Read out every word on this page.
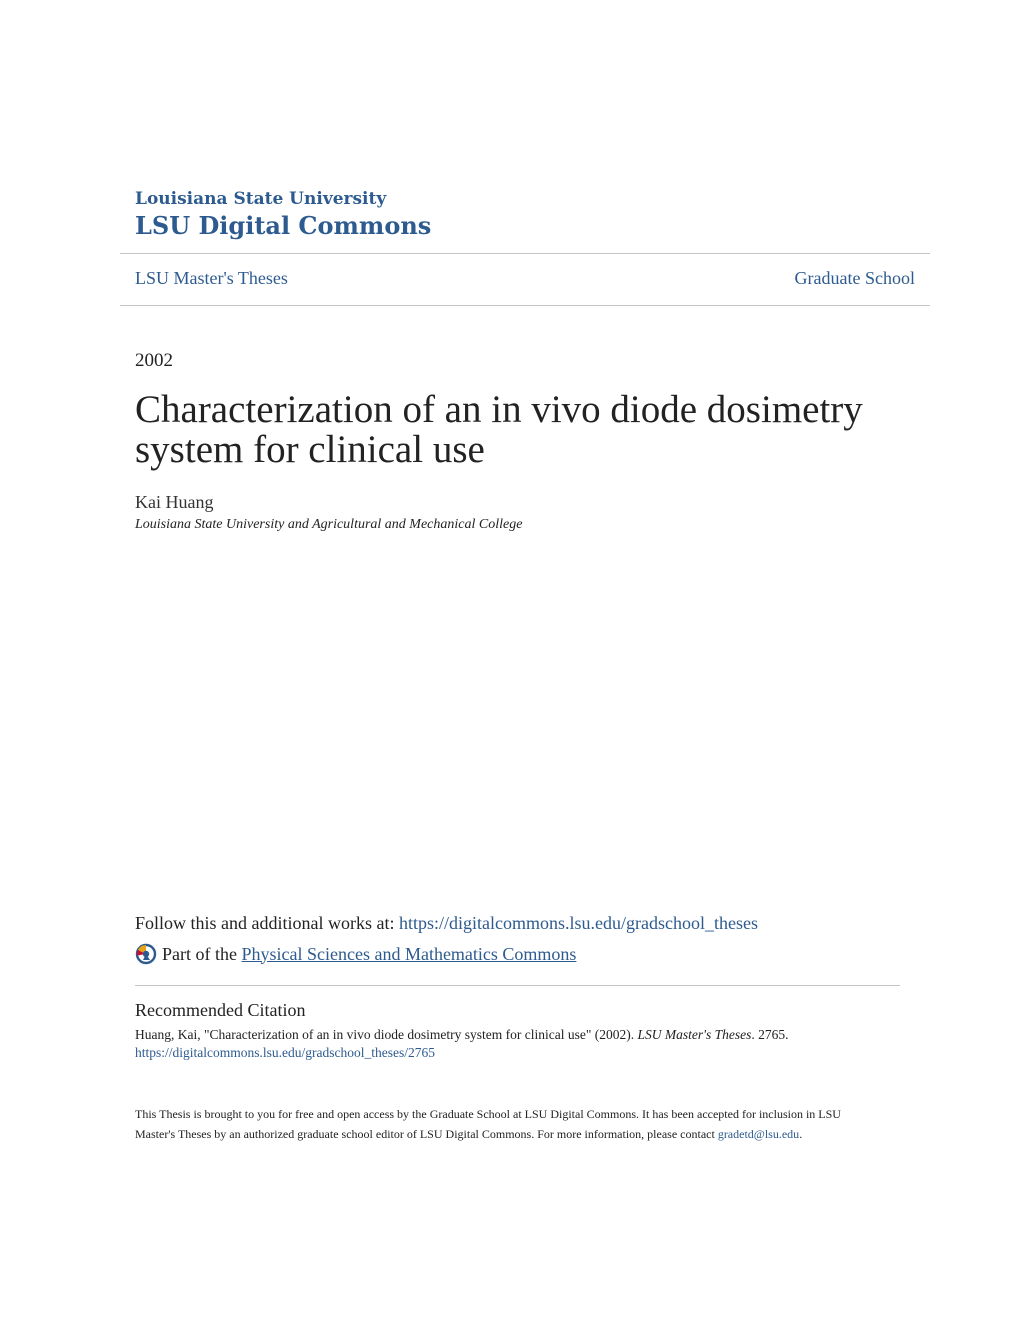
Louisiana State University
LSU Digital Commons
LSU Master's Theses	Graduate School
2002
Characterization of an in vivo diode dosimetry system for clinical use
Kai Huang
Louisiana State University and Agricultural and Mechanical College
Follow this and additional works at: https://digitalcommons.lsu.edu/gradschool_theses
Part of the
Physical Sciences and Mathematics Commons
Recommended Citation
Huang, Kai, "Characterization of an in vivo diode dosimetry system for clinical use" (2002). LSU Master's Theses. 2765.
https://digitalcommons.lsu.edu/gradschool_theses/2765
This Thesis is brought to you for free and open access by the Graduate School at LSU Digital Commons. It has been accepted for inclusion in LSU Master's Theses by an authorized graduate school editor of LSU Digital Commons. For more information, please contact gradetd@lsu.edu.
